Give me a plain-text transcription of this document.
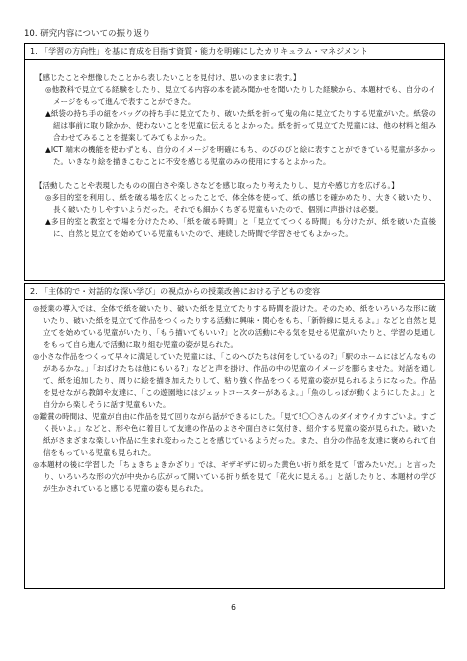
10. 研究内容についての振り返り
1. 「学習の方向性」を基に育成を目指す資質・能力を明確にしたカリキュラム・マネジメント
【感じたことや想像したことから表したいことを見付け、思いのままに表す。】
◎他教科で見立てる経験をしたり、見立てる内容の本を読み聞かせを聞いたりした経験から、本題材でも、自分のイメージをもって進んで表すことができた。
▲紙袋の持ち手の紐をバッグの持ち手に見立てたり、破いた紙を折って鬼の角に見立てたりする児童がいた。紙袋の紐は事前に取り除かか、使わないことを児童に伝えるとよかった。紙を折って見立てた児童には、他の材料と組み合わせてみることを提案してみてもよかった。
▲ICT 端末の機能を使わずとも、自分のイメージを明確にもち、のびのびと絵に表すことができている児童が多かった。いきなり絵を描きこむことに不安を感じる児童のみの使用にするとよかった。
【活動したことや表現したものの面白さや楽しさなどを感じ取ったり考えたりし、見方や感じ方を広げる。】
◎多目的室を利用し、紙を破る場を広くとったことで、体全体を使って、紙の感じを確かめたり、大きく破いたり、長く破いたりしやすいようだった。それでも細かくちぎる児童もいたので、個別に声掛けは必要。
▲多目的室と教室とで場を分けたため、「紙を破る時間」と「見立ててつくる時間」も分けたが、紙を破いた直後に、自然と見立てを始めている児童もいたので、連続した時間で学習させてもよかった。
2. 「主体的で・対話的な深い学び」の視点からの授業改善における子どもの変容
◎授業の導入では、全体で紙を破いたり、破いた紙を見立てたりする時間を設けた。そのため、紙をいろいろな形に破いたり、破いた紙を見立てて作品をつくったりする活動に興味・関心をもち、「新幹線に見えるよ。」などと自然と見立てを始めている児童がいたり、「もう描いてもいい?」と次の活動にやる気を見せる児童がいたりと、学習の見通しをもって自ら進んで活動に取り組む児童の姿が見られた。
◎小さな作品をつくって早々に満足していた児童には、「このへびたちは何をしているの?」「駅のホームにはどんなものがあるかな。」「おばけたちは他にもいる?」などと声を掛け、作品の中の児童のイメージを膨らませた。対話を通して、紙を追加したり、周りに絵を描き加えたりして、粘り強く作品をつくる児童の姿が見られるようになった。作品を見せながら教師や友達に、「この遊園地にはジェットコースターがあるよ。」「魚のしっぽが動くようにしたよ。」と自分から楽しそうに話す児童もいた。
◎鑑賞の時間は、児童が自由に作品を見て回りながら話ができるにした。「見て!〇〇さんのダイオウイカすごいよ。すごく長いよ。」などと、形や色に着目して友達の作品のよさや面白さに気付き、紹介する児童の姿が見られた。破いた紙がさまざまな楽しい作品に生まれ変わったことを感じているようだった。また、自分の作品を友達に褒められて自信をもっている児童も見られた。
◎本題材の後に学習した「ちょきちょきかざり」では、ギザギザに切った黄色い折り紙を見て「雷みたいだ。」と言ったり、いろいろな形の穴が中央から広がって開いている折り紙を見て「花火に見える。」と話したりと、本題材の学びが生かされていると感じる児童の姿も見られた。
6
